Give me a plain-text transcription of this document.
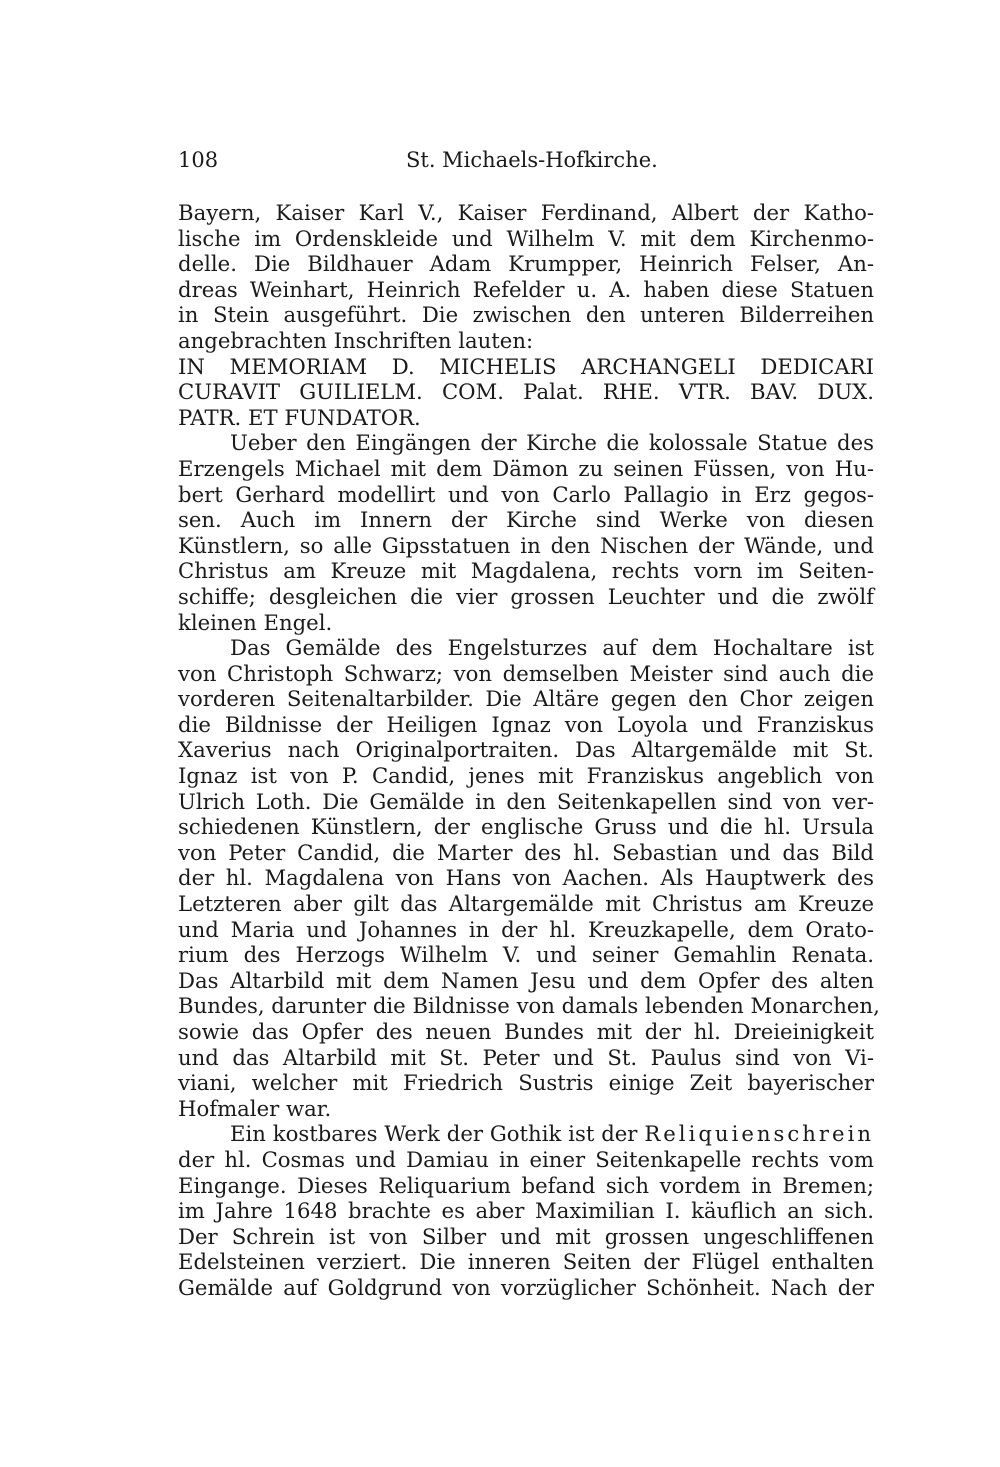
108	St. Michaels-Hofkirche.
Bayern, Kaiser Karl V., Kaiser Ferdinand, Albert der Katho-
lische im Ordenskleide und Wilhelm V. mit dem Kirchenmo-
delle. Die Bildhauer Adam Krumpper, Heinrich Felser, An-
dreas Weinhart, Heinrich Refelder u. A. haben diese Statuen
in Stein ausgeführt. Die zwischen den unteren Bilderreihen
angebrachten Inschriften lauten:
IN MEMORIAM D. MICHELIS ARCHANGELI DEDICARI
CURAVIT GUILIELM. COM. Palat. RHE. VTR. BAV. DUX.
PATR. ET FUNDATOR.
Ueber den Eingängen der Kirche die kolossale Statue des
Erzengels Michael mit dem Dämon zu seinen Füssen, von Hu-
bert Gerhard modellirt und von Carlo Pallagio in Erz gegos-
sen. Auch im Innern der Kirche sind Werke von diesen
Künstlern, so alle Gipsstatuen in den Nischen der Wände, und
Christus am Kreuze mit Magdalena, rechts vorn im Seiten-
schiffe; desgleichen die vier grossen Leuchter und die zwölf
kleinen Engel.
Das Gemälde des Engelsturzes auf dem Hochaltare ist
von Christoph Schwarz; von demselben Meister sind auch die
vorderen Seitenaltarbilder. Die Altäre gegen den Chor zeigen
die Bildnisse der Heiligen Ignaz von Loyola und Franziskus
Xaverius nach Originalportraiten. Das Altargemälde mit St.
Ignaz ist von P. Candid, jenes mit Franziskus angeblich von
Ulrich Loth. Die Gemälde in den Seitenkapellen sind von ver-
schiedenen Künstlern, der englische Gruss und die hl. Ursula
von Peter Candid, die Marter des hl. Sebastian und das Bild
der hl. Magdalena von Hans von Aachen. Als Hauptwerk des
Letzteren aber gilt das Altargemälde mit Christus am Kreuze
und Maria und Johannes in der hl. Kreuzkapelle, dem Orato-
rium des Herzogs Wilhelm V. und seiner Gemahlin Renata.
Das Altarbild mit dem Namen Jesu und dem Opfer des alten
Bundes, darunter die Bildnisse von damals lebenden Monarchen,
sowie das Opfer des neuen Bundes mit der hl. Dreieinigkeit
und das Altarbild mit St. Peter und St. Paulus sind von Vi-
viani, welcher mit Friedrich Sustris einige Zeit bayerischer
Hofmaler war.
Ein kostbares Werk der Gothik ist der Reliquienschrein
der hl. Cosmas und Damiau in einer Seitenkapelle rechts vom
Eingange. Dieses Reliquarium befand sich vordem in Bremen;
im Jahre 1648 brachte es aber Maximilian I. käuflich an sich.
Der Schrein ist von Silber und mit grossen ungeschliffenen
Edelsteinen verziert. Die inneren Seiten der Flügel enthalten
Gemälde auf Goldgrund von vorzüglicher Schönheit. Nach der
